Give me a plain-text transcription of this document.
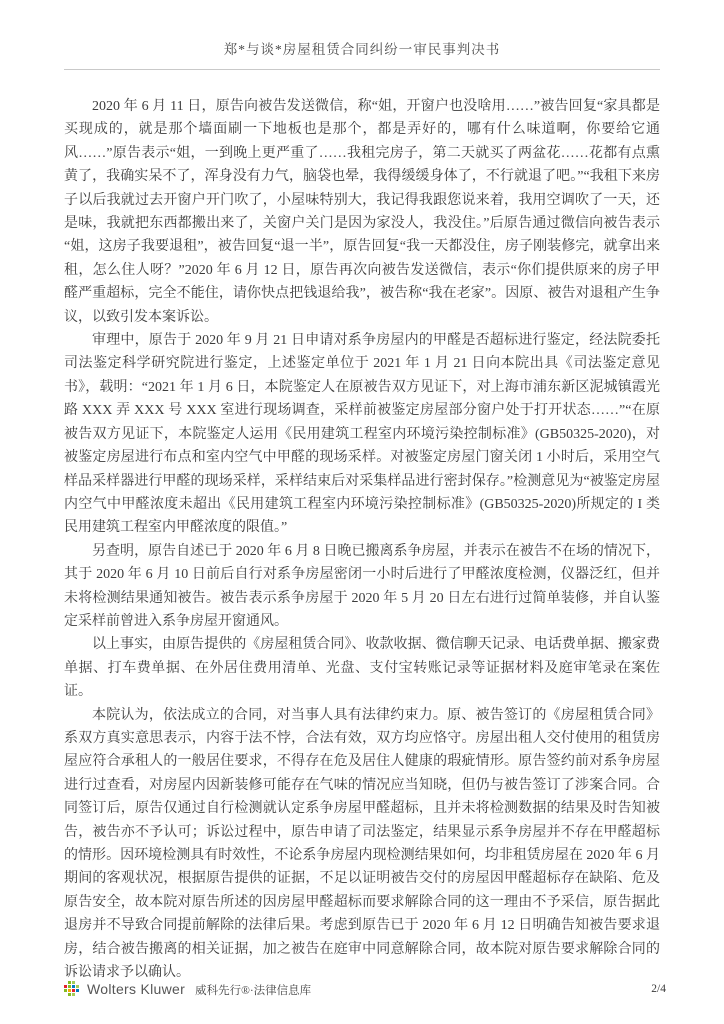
郑*与谈*房屋租赁合同纠纷一审民事判决书

2020 年 6 月 11 日，原告向被告发送微信，称“姐，开窗户也没啥用……”被告回复“家具都是买现成的，就是那个墙面刷一下地板也是那个，都是弄好的，哪有什么味道啊，你要给它通风……”原告表示“姐，一到晚上更严重了……我租完房子，第二天就买了两盆花……花都有点熏黄了，我确实呆不了，浑身没有力气，脑袋也晕，我得缓缓身体了，不行就退了吧。”“我租下来房子以后我就过去开窗户开门吹了，小屋味特别大，我记得我跟您说来着，我用空调吹了一天，还是味，我就把东西都搬出来了，关窗户关门是因为家没人，我没住。”后原告通过微信向被告表示“姐，这房子我要退租”，被告回复“退一半”，原告回复“我一天都没住，房子刚装修完，就拿出来租，怎么住人呀？”2020 年 6 月 12 日，原告再次向被告发送微信，表示“你们提供原来的房子甲醛严重超标，完全不能住，请你快点把钱退给我”，被告称“我在老家”。因原、被告对退租产生争议，以致引发本案诉讼。

审理中，原告于 2020 年 9 月 21 日申请对系争房屋内的甲醛是否超标进行鉴定，经法院委托司法鉴定科学研究院进行鉴定，上述鉴定单位于 2021 年 1 月 21 日向本院出具《司法鉴定意见书》，载明：“2021 年 1 月 6 日，本院鉴定人在原被告双方见证下，对上海市浦东新区泥城镇霞光路 XXX 弄 XXX 号 XXX 室进行现场调查，采样前被鉴定房屋部分窗户处于打开状态……”“在原被告双方见证下，本院鉴定人运用《民用建筑工程室内环境污染控制标准》(GB50325-2020)，对被鉴定房屋进行布点和室内空气中甲醛的现场采样。对被鉴定房屋门窗关闭 1 小时后，采用空气样品采样器进行甲醛的现场采样，采样结束后对采集样品进行密封保存。”检测意见为“被鉴定房屋内空气中甲醛浓度未超出《民用建筑工程室内环境污染控制标准》(GB50325-2020)所规定的 I 类民用建筑工程室内甲醛浓度的限值。”

另查明，原告自述已于 2020 年 6 月 8 日晚已搬离系争房屋，并表示在被告不在场的情况下，其于 2020 年 6 月 10 日前后自行对系争房屋密闭一小时后进行了甲醛浓度检测，仪器泛红，但并未将检测结果通知被告。被告表示系争房屋于 2020 年 5 月 20 日左右进行过简单装修，并自认鉴定采样前曾进入系争房屋开窗通风。

以上事实，由原告提供的《房屋租赁合同》、收款收据、微信聊天记录、电话费单据、搬家费单据、打车费单据、在外居住费用清单、光盘、支付宝转账记录等证据材料及庭审笔录在案佐证。

本院认为，依法成立的合同，对当事人具有法律约束力。原、被告签订的《房屋租赁合同》系双方真实意思表示，内容于法不悖，合法有效，双方均应恪守。房屋出租人交付使用的租赁房屋应符合承租人的一般居住要求，不得存在危及居住人健康的瑕疵情形。原告签约前对系争房屋进行过查看，对房屋内因新装修可能存在气味的情况应当知晓，但仍与被告签订了涉案合同。合同签订后，原告仅通过自行检测就认定系争房屋甲醛超标，且并未将检测数据的结果及时告知被告，被告亦不予认可；诉讼过程中，原告申请了司法鉴定，结果显示系争房屋并不存在甲醛超标的情形。因环境检测具有时效性，不论系争房屋内现检测结果如何，均非租赁房屋在 2020 年 6 月期间的客观状况，根据原告提供的证据，不足以证明被告交付的房屋因甲醛超标存在缺陷、危及原告安全，故本院对原告所述的因房屋甲醛超标而要求解除合同的这一理由不予采信，原告据此退房并不导致合同提前解除的法律后果。考虑到原告已于 2020 年 6 月 12 日明确告知被告要求退房，结合被告搬离的相关证据，加之被告在庭审中同意解除合同，故本院对原告要求解除合同的诉讼请求予以确认。

Wolters Kluwer 威科先行®·法律信息库	2/4
